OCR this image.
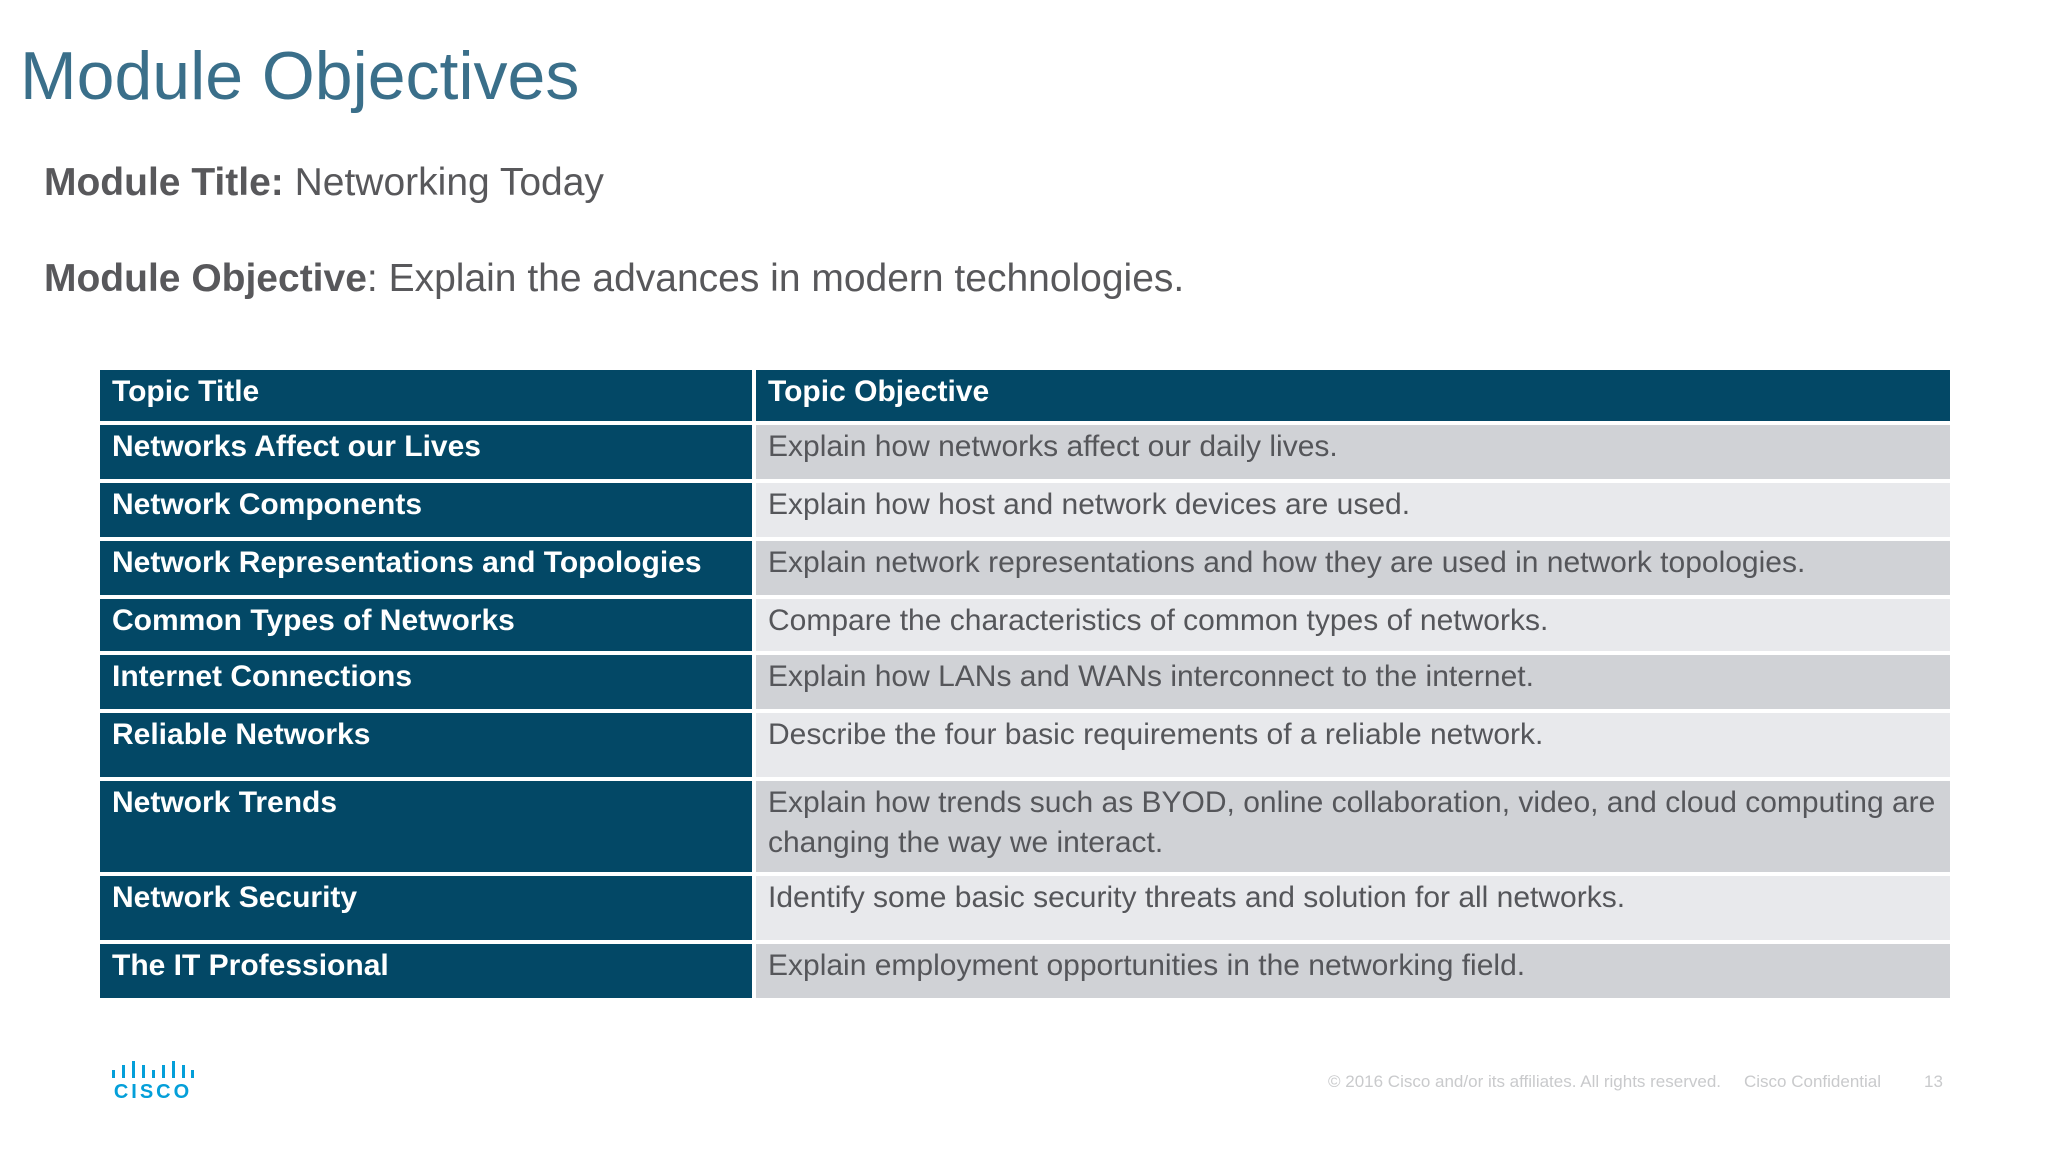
Module Objectives
Module Title: Networking Today
Module Objective: Explain the advances in modern technologies.
Topic Title	Topic Objective
Networks Affect our Lives	Explain how networks affect our daily lives.
Network Components	Explain how host and network devices are used.
Network Representations and Topologies	Explain network representations and how they are used in network topologies.
Common Types of Networks	Compare the characteristics of common types of networks.
Internet Connections	Explain how LANs and WANs interconnect to the internet.
Reliable Networks	Describe the four basic requirements of a reliable network.
Network Trends	Explain how trends such as BYOD, online collaboration, video, and cloud computing are changing the way we interact.
Network Security	Identify some basic security threats and solution for all networks.
The IT Professional	Explain employment opportunities in the networking field.
CISCO	© 2016 Cisco and/or its affiliates. All rights reserved. Cisco Confidential	13
